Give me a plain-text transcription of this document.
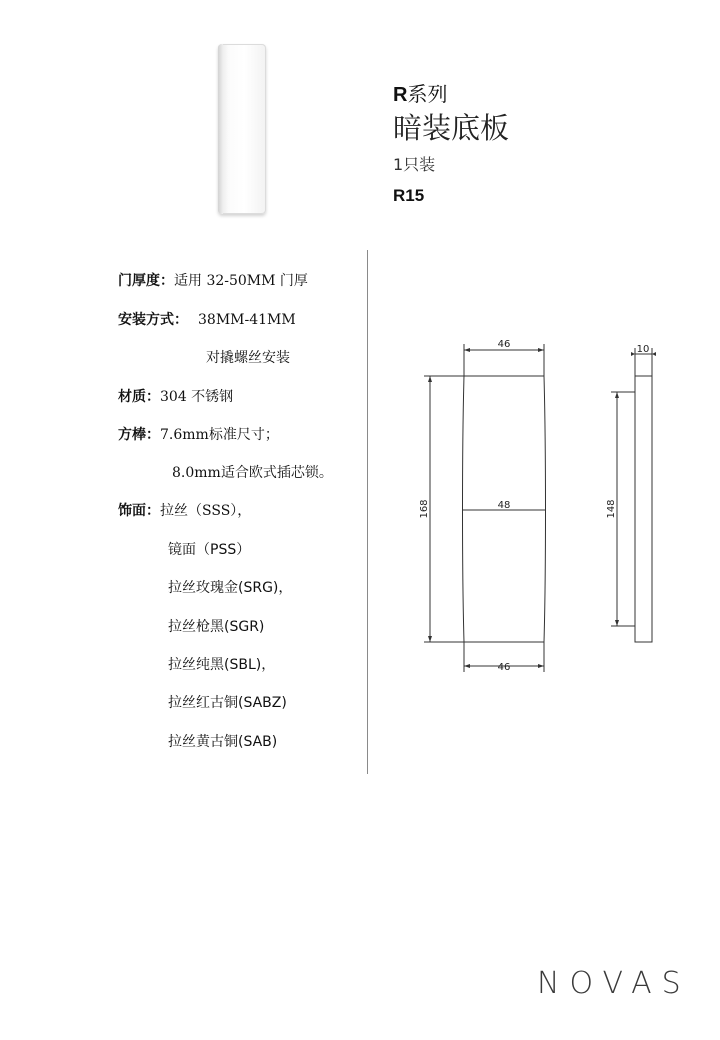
R系列
暗装底板
1只装
R15
门厚度：适用 32-50MM 门厚
安装方式： 38MM-41MM
对撬螺丝安装
材质：304 不锈钢
方棒：7.6mm标准尺寸；
8.0mm适合欧式插芯锁。
饰面：拉丝（SSS），
镜面（PSS）
拉丝玫瑰金(SRG)，
拉丝枪黑(SGR)
拉丝纯黑(SBL)，
拉丝红古铜(SABZ)
拉丝黄古铜(SAB)
46
48
46
168
10
148
NOVAS
